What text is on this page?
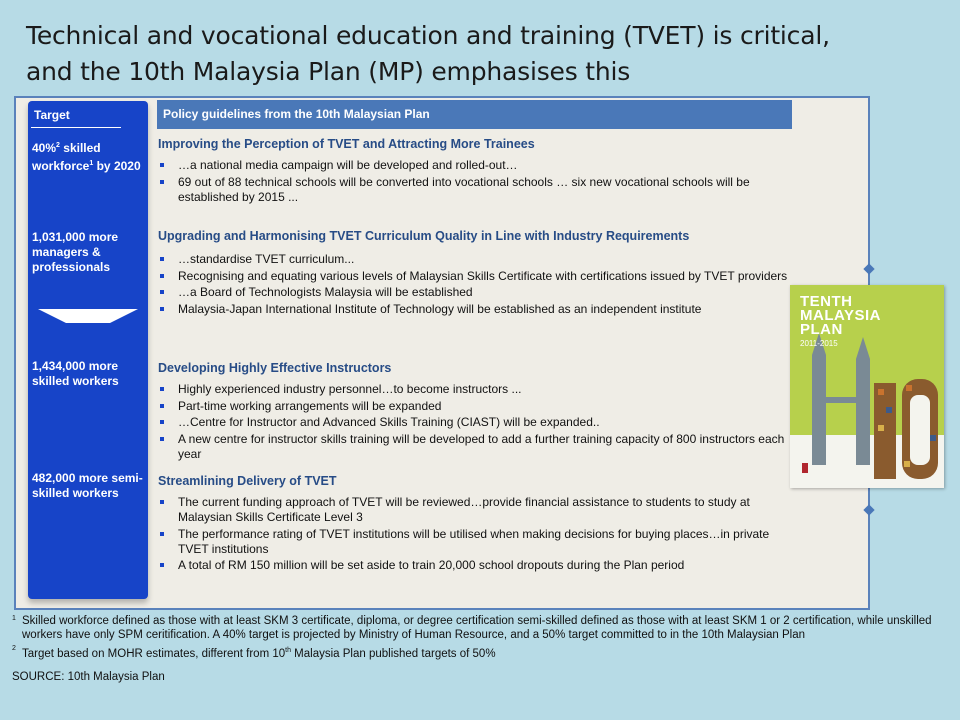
Technical and vocational education and training (TVET) is critical,
and the 10th Malaysia Plan (MP) emphasises this
Target
40%$^2$ skilled workforce$^1$ by 2020
1,031,000 more managers & professionals
1,434,000 more skilled workers
482,000 more semi-skilled workers
Policy guidelines from the 10th Malaysian Plan
Improving the Perception of TVET and Attracting More Trainees
…a national media campaign will be developed and rolled-out…
69 out of 88 technical schools will be converted into vocational schools … six new vocational schools will be established by 2015 ...
Upgrading and Harmonising TVET Curriculum Quality in Line with Industry Requirements
…standardise TVET curriculum...
Recognising and equating various levels of Malaysian Skills Certificate with certifications issued by TVET providers
…a Board of Technologists Malaysia will be established
Malaysia-Japan International Institute of Technology will be established as an independent institute
Developing Highly Effective Instructors
Highly experienced industry personnel…to become instructors ...
Part-time working arrangements will be expanded
…Centre for Instructor and Advanced Skills Training (CIAST) will be expanded..
A new centre for instructor skills training will be developed to add a further training capacity of 800 instructors each year
Streamlining Delivery of TVET
The current funding approach of TVET will be reviewed…provide financial assistance to students to study at Malaysian Skills Certificate Level 3
The performance rating of TVET institutions will be utilised when making decisions for buying places…in private TVET institutions
A total of RM 150 million will be set aside to train 20,000 school dropouts during the Plan period
TENTH
MALAYSIA
PLAN
2011-2015
1 Skilled workforce defined as those with at least SKM 3 certificate, diploma, or degree certification semi-skilled defined as those with at least SKM 1 or 2 certification, while unskilled workers have only SPM ceritification. A 40% target is projected by Ministry of Human Resource, and a 50% target committed to in the 10th Malaysian Plan
2 Target based on MOHR estimates, different from 10th Malaysia Plan published targets of 50%
SOURCE: 10th Malaysia Plan
